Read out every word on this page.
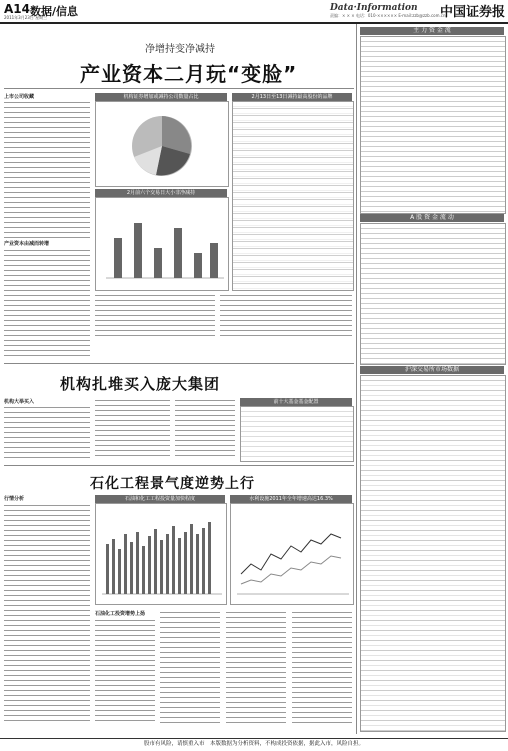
A14 数据/信息
2011年3月23日 星期三
Data·Information 中国证券报
责编：× × × 电话：010-×××××× E-mail:zzb@zzb.com.cn
净增持变净减持
产业资本二月玩“变脸”
上市公司收藏
产业资本由减而转增
机构证券增加或减持公司数量占比
2月前六个交易日大小非净减持
2月13日至13日减持最高股份的品牌
机构扎堆买入庞大集团
机构大举买入	前十大基金基金配置
石化工程景气度逆势上行
行情分析	石油和化工工程投资量加快程度	水利设施2011年全年增速高达16.3%
石油化工投资增势上扬
主 力 资 金 流
A 股 资 金 流 动
沪深交易所市场数据
股市有风险，请慎重入市　本版数据为分析资料，不构成投资依据，据此入市，风险自担。
